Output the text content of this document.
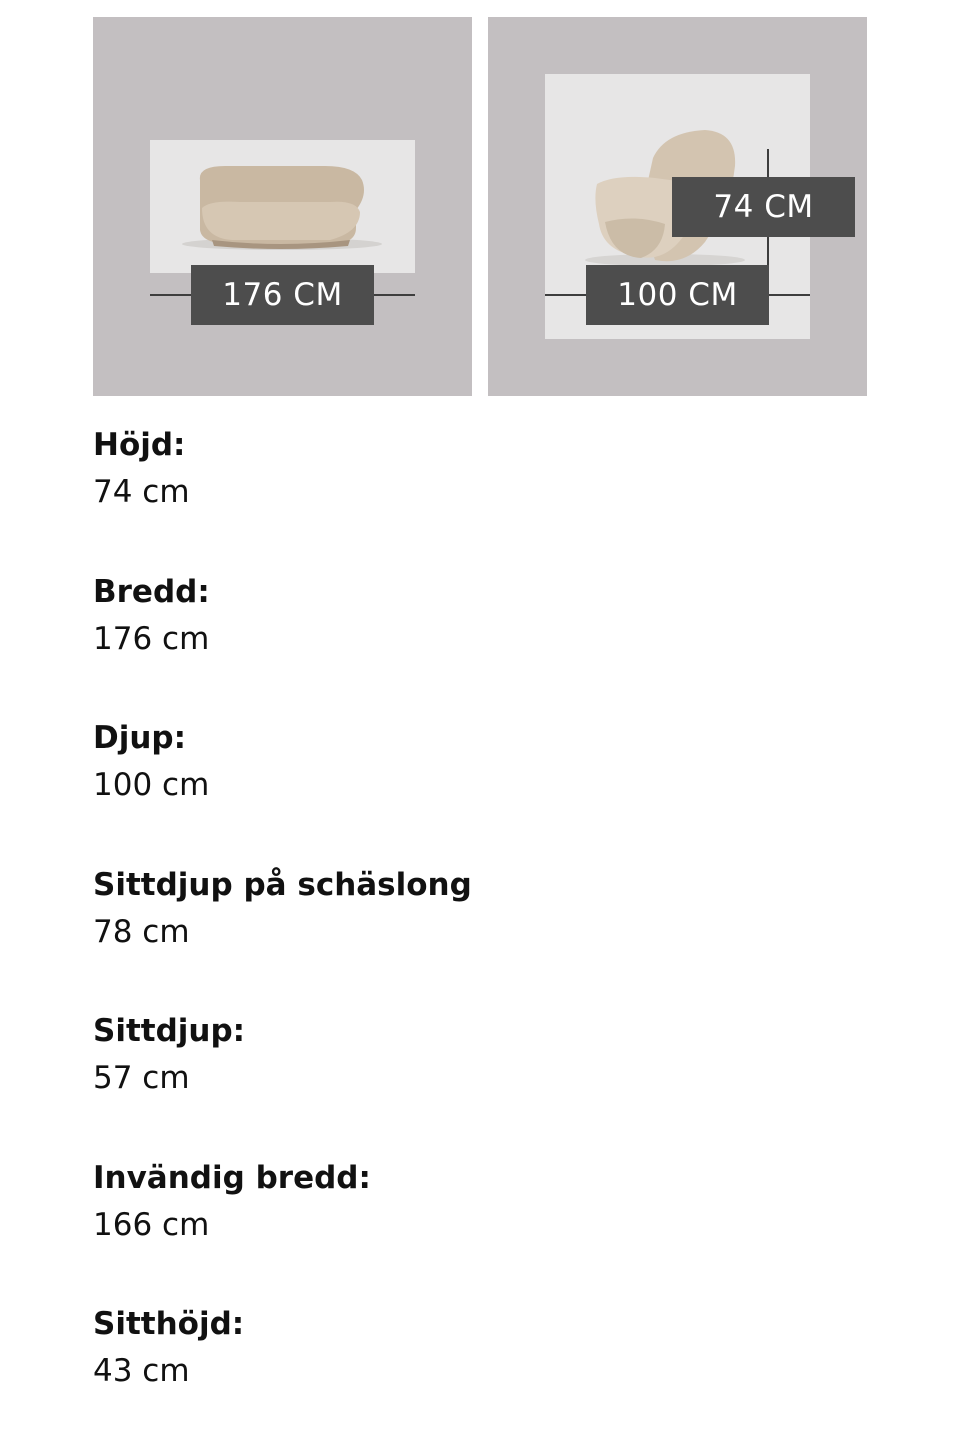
176 CM
74 CM
100 CM
Höjd:
74 cm
Bredd:
176 cm
Djup:
100 cm
Sittdjup på schäslong
78 cm
Sittdjup:
57 cm
Invändig bredd:
166 cm
Sitthöjd:
43 cm
